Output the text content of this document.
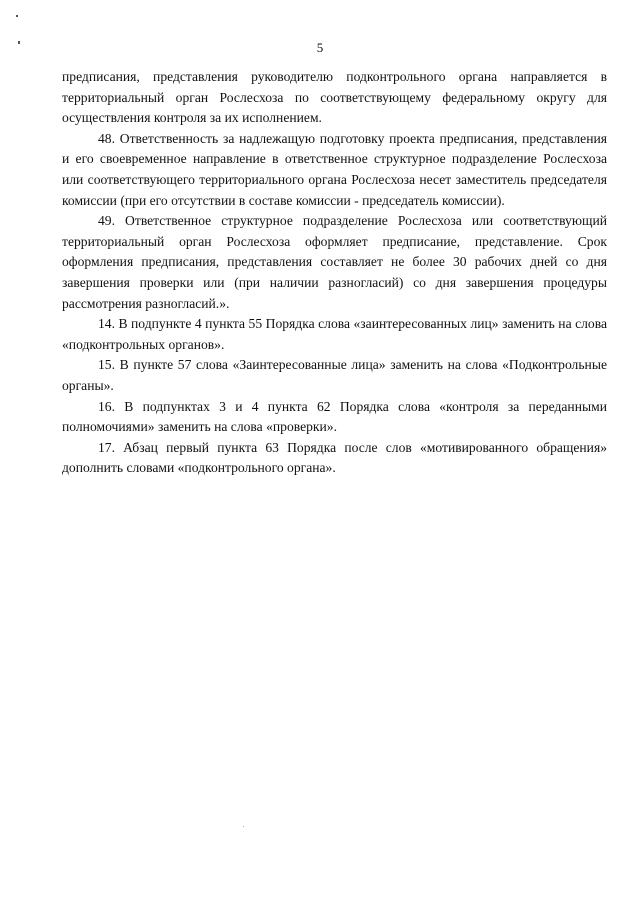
5

предписания, представления руководителю подконтрольного органа направляется в территориальный орган Рослесхоза по соответствующему федеральному округу для осуществления контроля за их исполнением.

48. Ответственность за надлежащую подготовку проекта предписания, представления и его своевременное направление в ответственное структурное подразделение Рослесхоза или соответствующего территориального органа Рослесхоза несет заместитель председателя комиссии (при его отсутствии в составе комиссии - председатель комиссии).

49. Ответственное структурное подразделение Рослесхоза или соответствующий территориальный орган Рослесхоза оформляет предписание, представление. Срок оформления предписания, представления составляет не более 30 рабочих дней со дня завершения проверки или (при наличии разногласий) со дня завершения процедуры рассмотрения разногласий.».

14. В подпункте 4 пункта 55 Порядка слова «заинтересованных лиц» заменить на слова «подконтрольных органов».

15. В пункте 57 слова «Заинтересованные лица» заменить на слова «Подконтрольные органы».

16. В подпунктах 3 и 4 пункта 62 Порядка слова «контроля за переданными полномочиями» заменить на слова «проверки».

17. Абзац первый пункта 63 Порядка после слов «мотивированного обращения» дополнить словами «подконтрольного органа».
